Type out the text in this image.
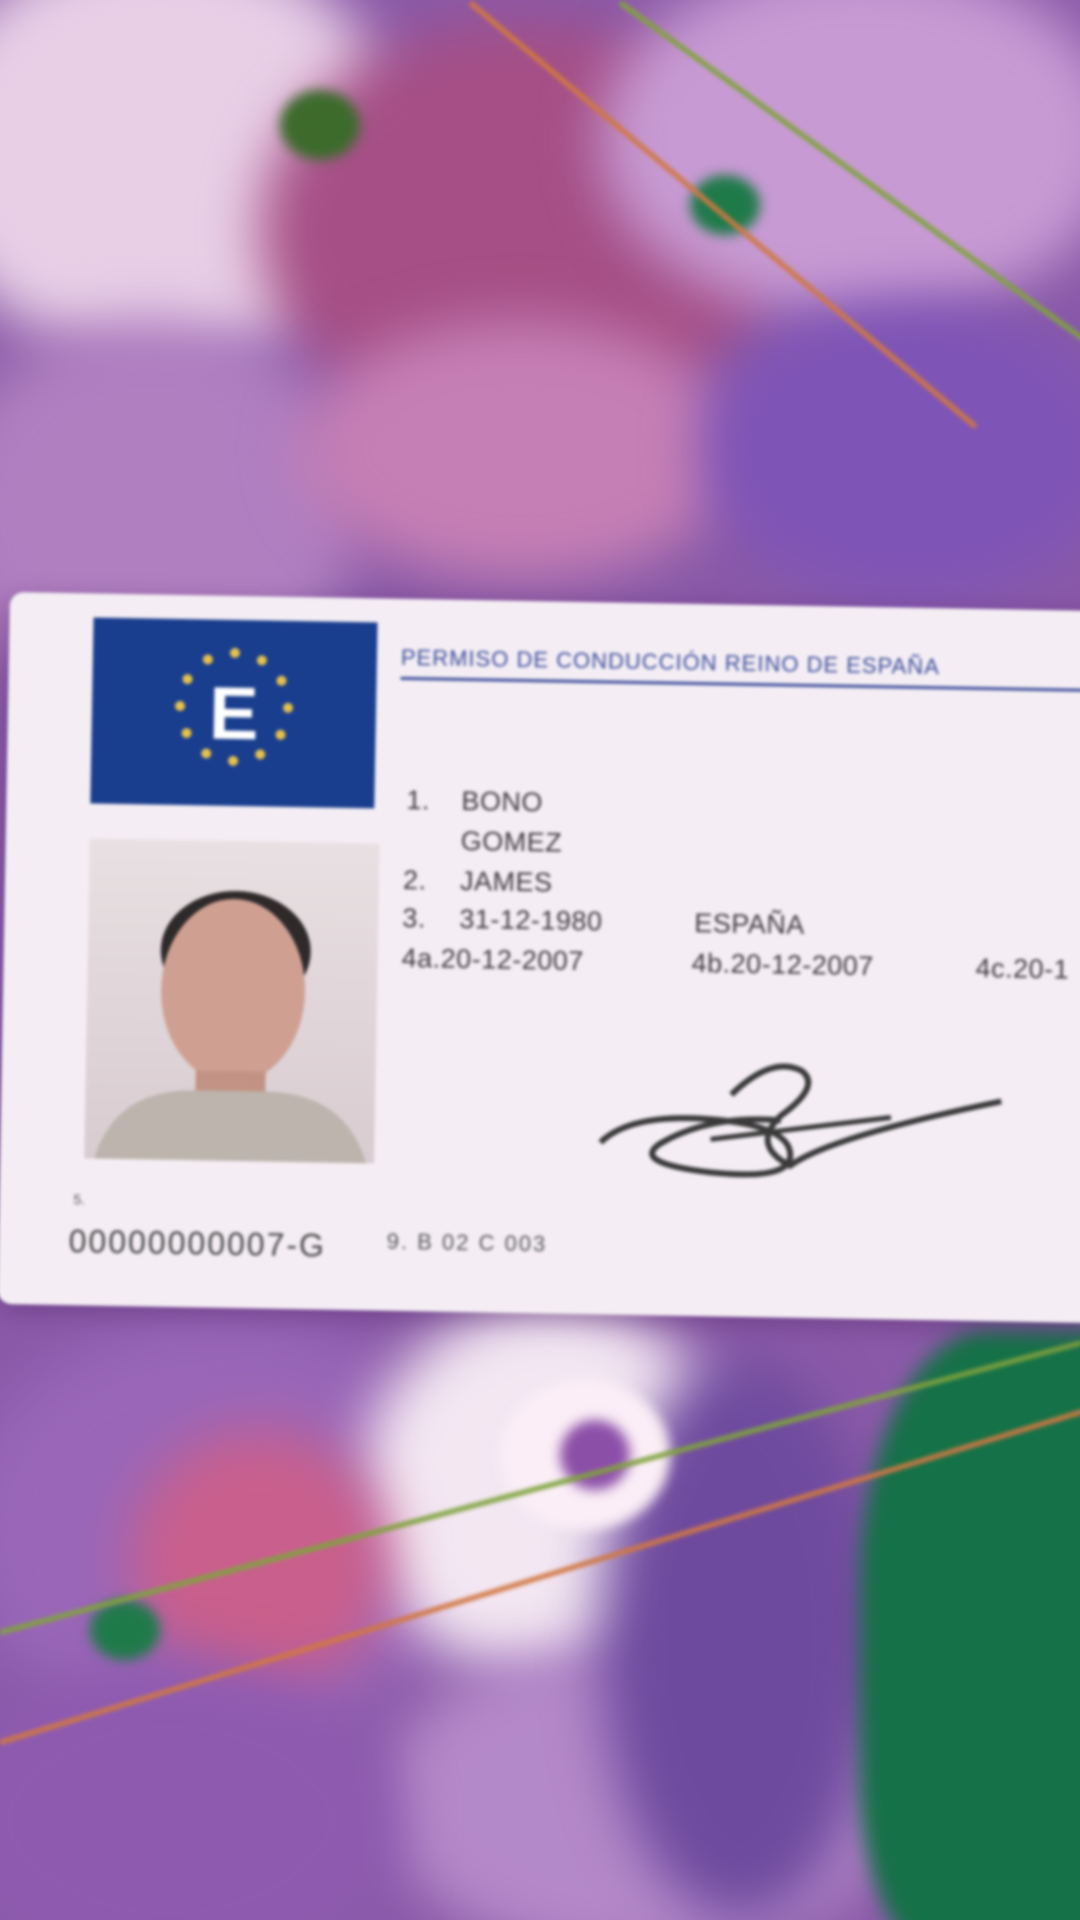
E
PERMISO DE CONDUCCIÓN REINO DE ESPAÑA
1. BONO
GOMEZ
2. JAMES
3. 31-12-1980	ESPAÑA
4a.20-12-2007	4b.20-12-2007	4c.20-1
5.
00000000007-G	9. B 02 C 003
